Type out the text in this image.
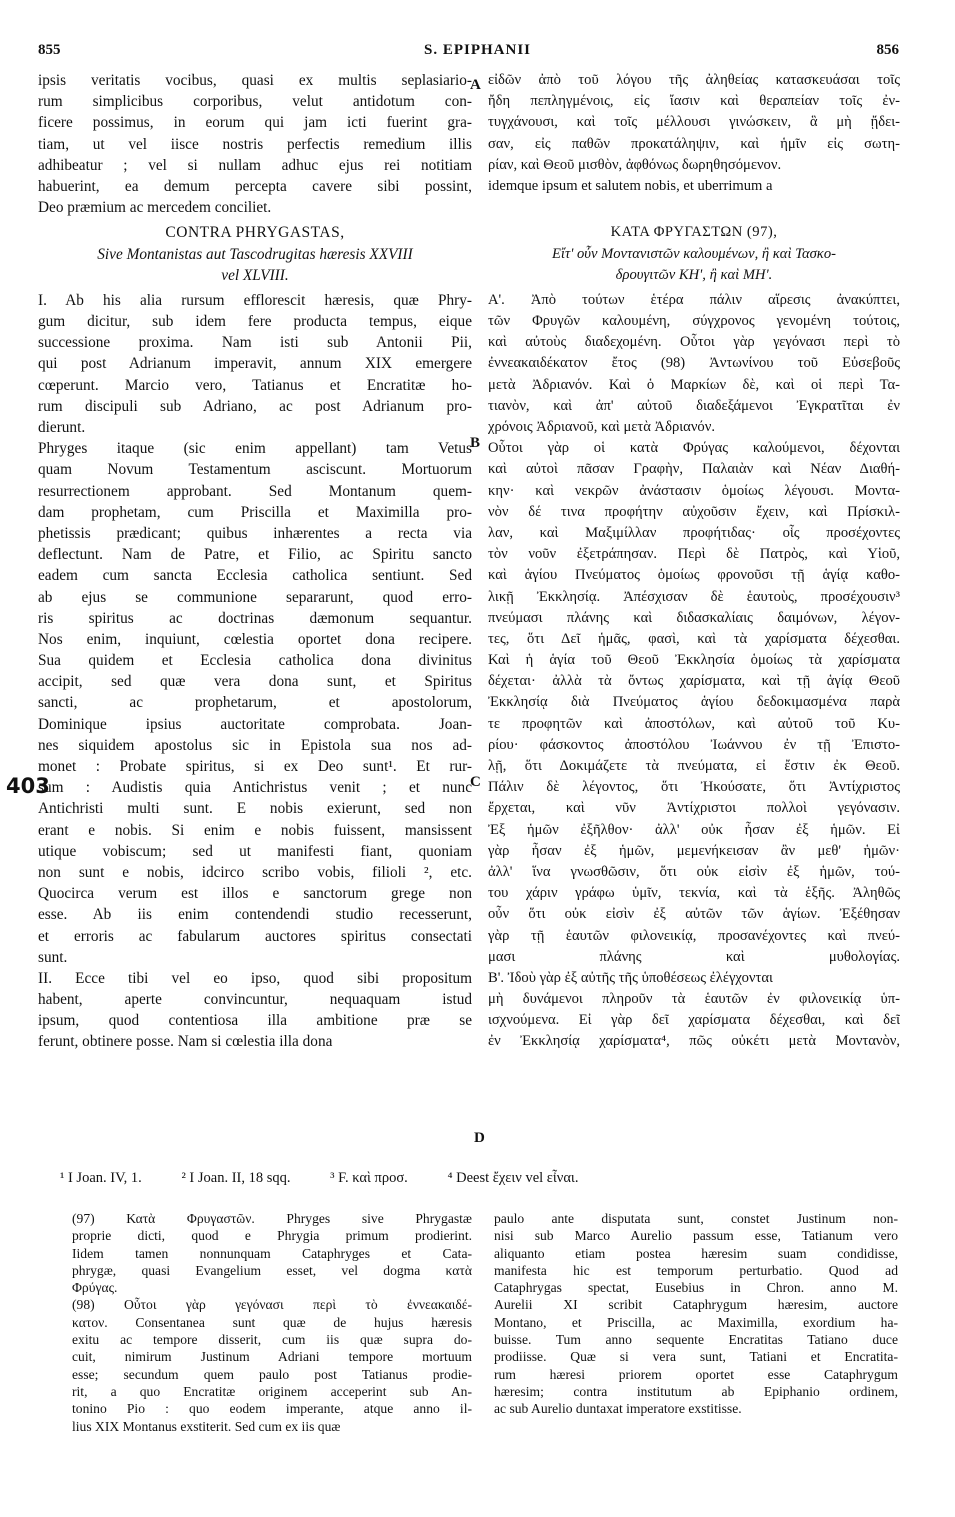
855	S. EPIPHANII	856
ipsis veritatis vocibus, quasi ex multis seplasiario-
rum simplicibus corporibus, velut antidotum con-
ficere possimus, in eorum qui jam icti fuerint gra-
tiam, ut vel iisce nostris perfectis remedium illis
adhibeatur ; vel si nullam adhuc ejus rei notitiam
habuerint, ea demum percepta cavere sibi possint,
Deo præmium ac mercedem conciliet.
CONTRA PHRYGASTAS,
Sive Montanistas aut Tascodrugitas hæresis XXVIII
vel XLVIII.
I. Ab his alia rursum efflorescit hæresis, quæ Phry-
gum dicitur, sub idem fere producta tempus, eique
successione proxima. Nam isti sub Antonii Pii,
qui post Adrianum imperavit, annum XIX emergere
cœperunt. Marcio vero, Tatianus et Encratitæ ho-
rum discipuli sub Adriano, ac post Adrianum pro-
dierunt.
Phryges itaque (sic enim appellant) tam Vetus
quam Novum Testamentum asciscunt. Mortuorum
resurrectionem approbant. Sed Montanum quem-
dam prophetam, cum Priscilla et Maximilla pro-
phetissis prædicant; quibus inhærentes a recta via
deflectunt. Nam de Patre, et Filio, ac Spiritu sancto
eadem cum sancta Ecclesia catholica sentiunt. Sed
ab ejus se communione separarunt, quod erro-
ris spiritus ac doctrinas dæmonum sequantur.
Nos enim, inquiunt, cœlestia oportet dona recipere.
Sua quidem et Ecclesia catholica dona divinitus
accipit, sed quæ vera dona sunt, et Spiritus
sancti, ac prophetarum, et apostolorum,
Dominique ipsius auctoritate comprobata. Joan-
nes siquidem apostolus sic in Epistola sua nos ad-
monet : Probate spiritus, si ex Deo sunt¹. Et rur-
sum : Audistis quia Antichristus venit ; et nunc
Antichristi multi sunt. E nobis exierunt, sed non
erant e nobis. Si enim e nobis fuissent, mansissent
utique vobiscum; sed ut manifesti fiant, quoniam
non sunt e nobis, idcirco scribo vobis, filioli ², etc.
Quocirca verum est illos e sanctorum grege non
esse. Ab iis enim contendendi studio recesserunt,
et erroris ac fabularum auctores spiritus consectati
sunt.
II. Ecce tibi vel eo ipso, quod sibi propositum
habent, aperte convincuntur, nequaquam istud
ipsum, quod contentiosa illa ambitione præ se
ferunt, obtinere posse. Nam si cœlestia illa dona
εἰδῶν ἀπὸ τοῦ λόγου τῆς ἀληθείας κατασκευάσαι τοῖς
ἤδη πεπληγμένοις, εἰς ἴασιν καὶ θεραπείαν τοῖς ἐν-
τυγχάνουσι, καὶ τοῖς μέλλουσι γινώσκειν, ἃ μὴ ᾔδει-
σαν, εἰς παθῶν προκατάληψιν, καὶ ἡμῖν εἰς σωτη-
ρίαν, καὶ Θεοῦ μισθὸν, ἀφθόνως δωρηθησόμενον.
idemque ipsum et salutem nobis, et uberrimum a
ΚΑΤΑ ΦΡΥΓΑΣΤΩΝ (97),
Εἴτ' οὖν Μοντανιστῶν καλουμένων, ἢ καὶ Τασκο-
δρουγιτῶν ΚΗ', ἢ καὶ ΜΗ'.
Α'. Ἀπὸ τούτων ἑτέρα πάλιν αἵρεσις ἀνακύπτει,
τῶν Φρυγῶν καλουμένη, σύγχρονος γενομένη τούτοις,
καὶ αὐτοὺς διαδεχομένη. Οὗτοι γὰρ γεγόνασι περὶ τὸ
ἐννεακαιδέκατον ἔτος (98) Ἀντωνίνου τοῦ Εὐσεβοῦς
μετὰ Ἀδριανόν. Καὶ ὁ Μαρκίων δὲ, καὶ οἱ περὶ Τα-
τιανὸν, καὶ ἀπ' αὐτοῦ διαδεξάμενοι Ἐγκρατῖται ἐν
χρόνοις Ἀδριανοῦ, καὶ μετὰ Ἀδριανόν.
Οὗτοι γὰρ οἱ κατὰ Φρύγας καλούμενοι, δέχονται
καὶ αὐτοὶ πᾶσαν Γραφὴν, Παλαιὰν καὶ Νέαν Διαθή-
κην· καὶ νεκρῶν ἀνάστασιν ὁμοίως λέγουσι. Μοντα-
νὸν δέ τινα προφήτην αὐχοῦσιν ἔχειν, καὶ Πρίσκιλ-
λαν, καὶ Μαξιμίλλαν προφήτιδας· οἷς προσέχοντες
τὸν νοῦν ἐξετράπησαν. Περὶ δὲ Πατρὸς, καὶ Υἱοῦ,
καὶ ἁγίου Πνεύματος ὁμοίως φρονοῦσι τῇ ἁγίᾳ καθο-
λικῇ Ἐκκλησίᾳ. Ἀπέσχισαν δὲ ἑαυτοὺς, προσέχουσιν³
πνεύμασι πλάνης καὶ διδασκαλίαις δαιμόνων, λέγον-
τες, ὅτι Δεῖ ἡμᾶς, φασὶ, καὶ τὰ χαρίσματα δέχεσθαι.
Καὶ ἡ ἁγία τοῦ Θεοῦ Ἐκκλησία ὁμοίως τὰ χαρίσματα
δέχεται· ἀλλὰ τὰ ὄντως χαρίσματα, καὶ τῇ ἁγίᾳ Θεοῦ
Ἐκκλησίᾳ διὰ Πνεύματος ἁγίου δεδοκιμασμένα παρὰ
τε προφητῶν καὶ ἀποστόλων, καὶ αὐτοῦ τοῦ Κυ-
ρίου· φάσκοντος ἀποστόλου Ἰωάννου ἐν τῇ Ἐπιστο-
λῇ, ὅτι Δοκιμάζετε τὰ πνεύματα, εἰ ἔστιν ἐκ Θεοῦ.
Πάλιν δὲ λέγοντος, ὅτι Ἠκούσατε, ὅτι Ἀντίχριστος
ἔρχεται, καὶ νῦν Ἀντίχριστοι πολλοὶ γεγόνασιν.
Ἐξ ἡμῶν ἐξῆλθον· ἀλλ' οὐκ ἦσαν ἐξ ἡμῶν. Εἰ
γὰρ ἦσαν ἐξ ἡμῶν, μεμενήκεισαν ἂν μεθ' ἡμῶν·
ἀλλ' ἵνα γνωσθῶσιν, ὅτι οὐκ εἰσὶν ἐξ ἡμῶν, τού-
του χάριν γράφω ὑμῖν, τεκνία, καὶ τὰ ἑξῆς. Ἀληθῶς
οὖν ὅτι οὐκ εἰσὶν ἐξ αὐτῶν τῶν ἁγίων. Ἐξέθησαν
γὰρ τῇ ἑαυτῶν φιλονεικίᾳ, προσανέχοντες καὶ πνεύ-
μασι πλάνης καὶ μυθολογίας.
Β'. Ἰδοὺ γὰρ ἐξ αὐτῆς τῆς ὑποθέσεως ἐλέγχονται
μὴ δυνάμενοι πληροῦν τὰ ἑαυτῶν ἐν φιλονεικίᾳ ὑπ-
ισχνούμενα. Εἰ γὰρ δεῖ χαρίσματα δέχεσθαι, καὶ δεῖ
ἐν Ἐκκλησίᾳ χαρίσματα⁴, πῶς οὐκέτι μετὰ Μοντανὸν,
A
B
C
D
403
¹ I Joan. IV, 1.	² I Joan. II, 18 sqq.	³ F. καὶ προσ.	⁴ Deest ἔχειν vel εἶναι.
(97) Κατὰ Φρυγαστῶν. Phryges sive Phrygastæ
proprie dicti, quod e Phrygia primum prodierint.
Iidem tamen nonnunquam Cataphryges et Cata-
phrygæ, quasi Evangelium esset, vel dogma κατὰ
Φρύγας.
(98) Οὗτοι γὰρ γεγόνασι περὶ τὸ ἐννεακαιδέ-
κατον. Consentanea sunt quæ de hujus hæresis
exitu ac tempore disserit, cum iis quæ supra do-
cuit, nimirum Justinum Adriani tempore mortuum
esse; secundum quem paulo post Tatianus prodie-
rit, a quo Encratitæ originem acceperint sub An-
tonino Pio : quo eodem imperante, atque anno il-
lius XIX Montanus exstiterit. Sed cum ex iis quæ
paulo ante disputata sunt, constet Justinum non-
nisi sub Marco Aurelio passum esse, Tatianum vero
aliquanto etiam postea hæresim suam condidisse,
manifesta hic est temporum perturbatio. Quod ad
Cataphrygas spectat, Eusebius in Chron. anno M.
Aurelii XI scribit Cataphrygum hæresim, auctore
Montano, et Priscilla, ac Maximilla, exordium ha-
buisse. Tum anno sequente Encratitas Tatiano duce
prodiisse. Quæ si vera sunt, Tatiani et Encratita-
rum hæresi priorem oportet esse Cataphrygum
hæresim; contra institutum ab Epiphanio ordinem,
ac sub Aurelio duntaxat imperatore exstitisse.
